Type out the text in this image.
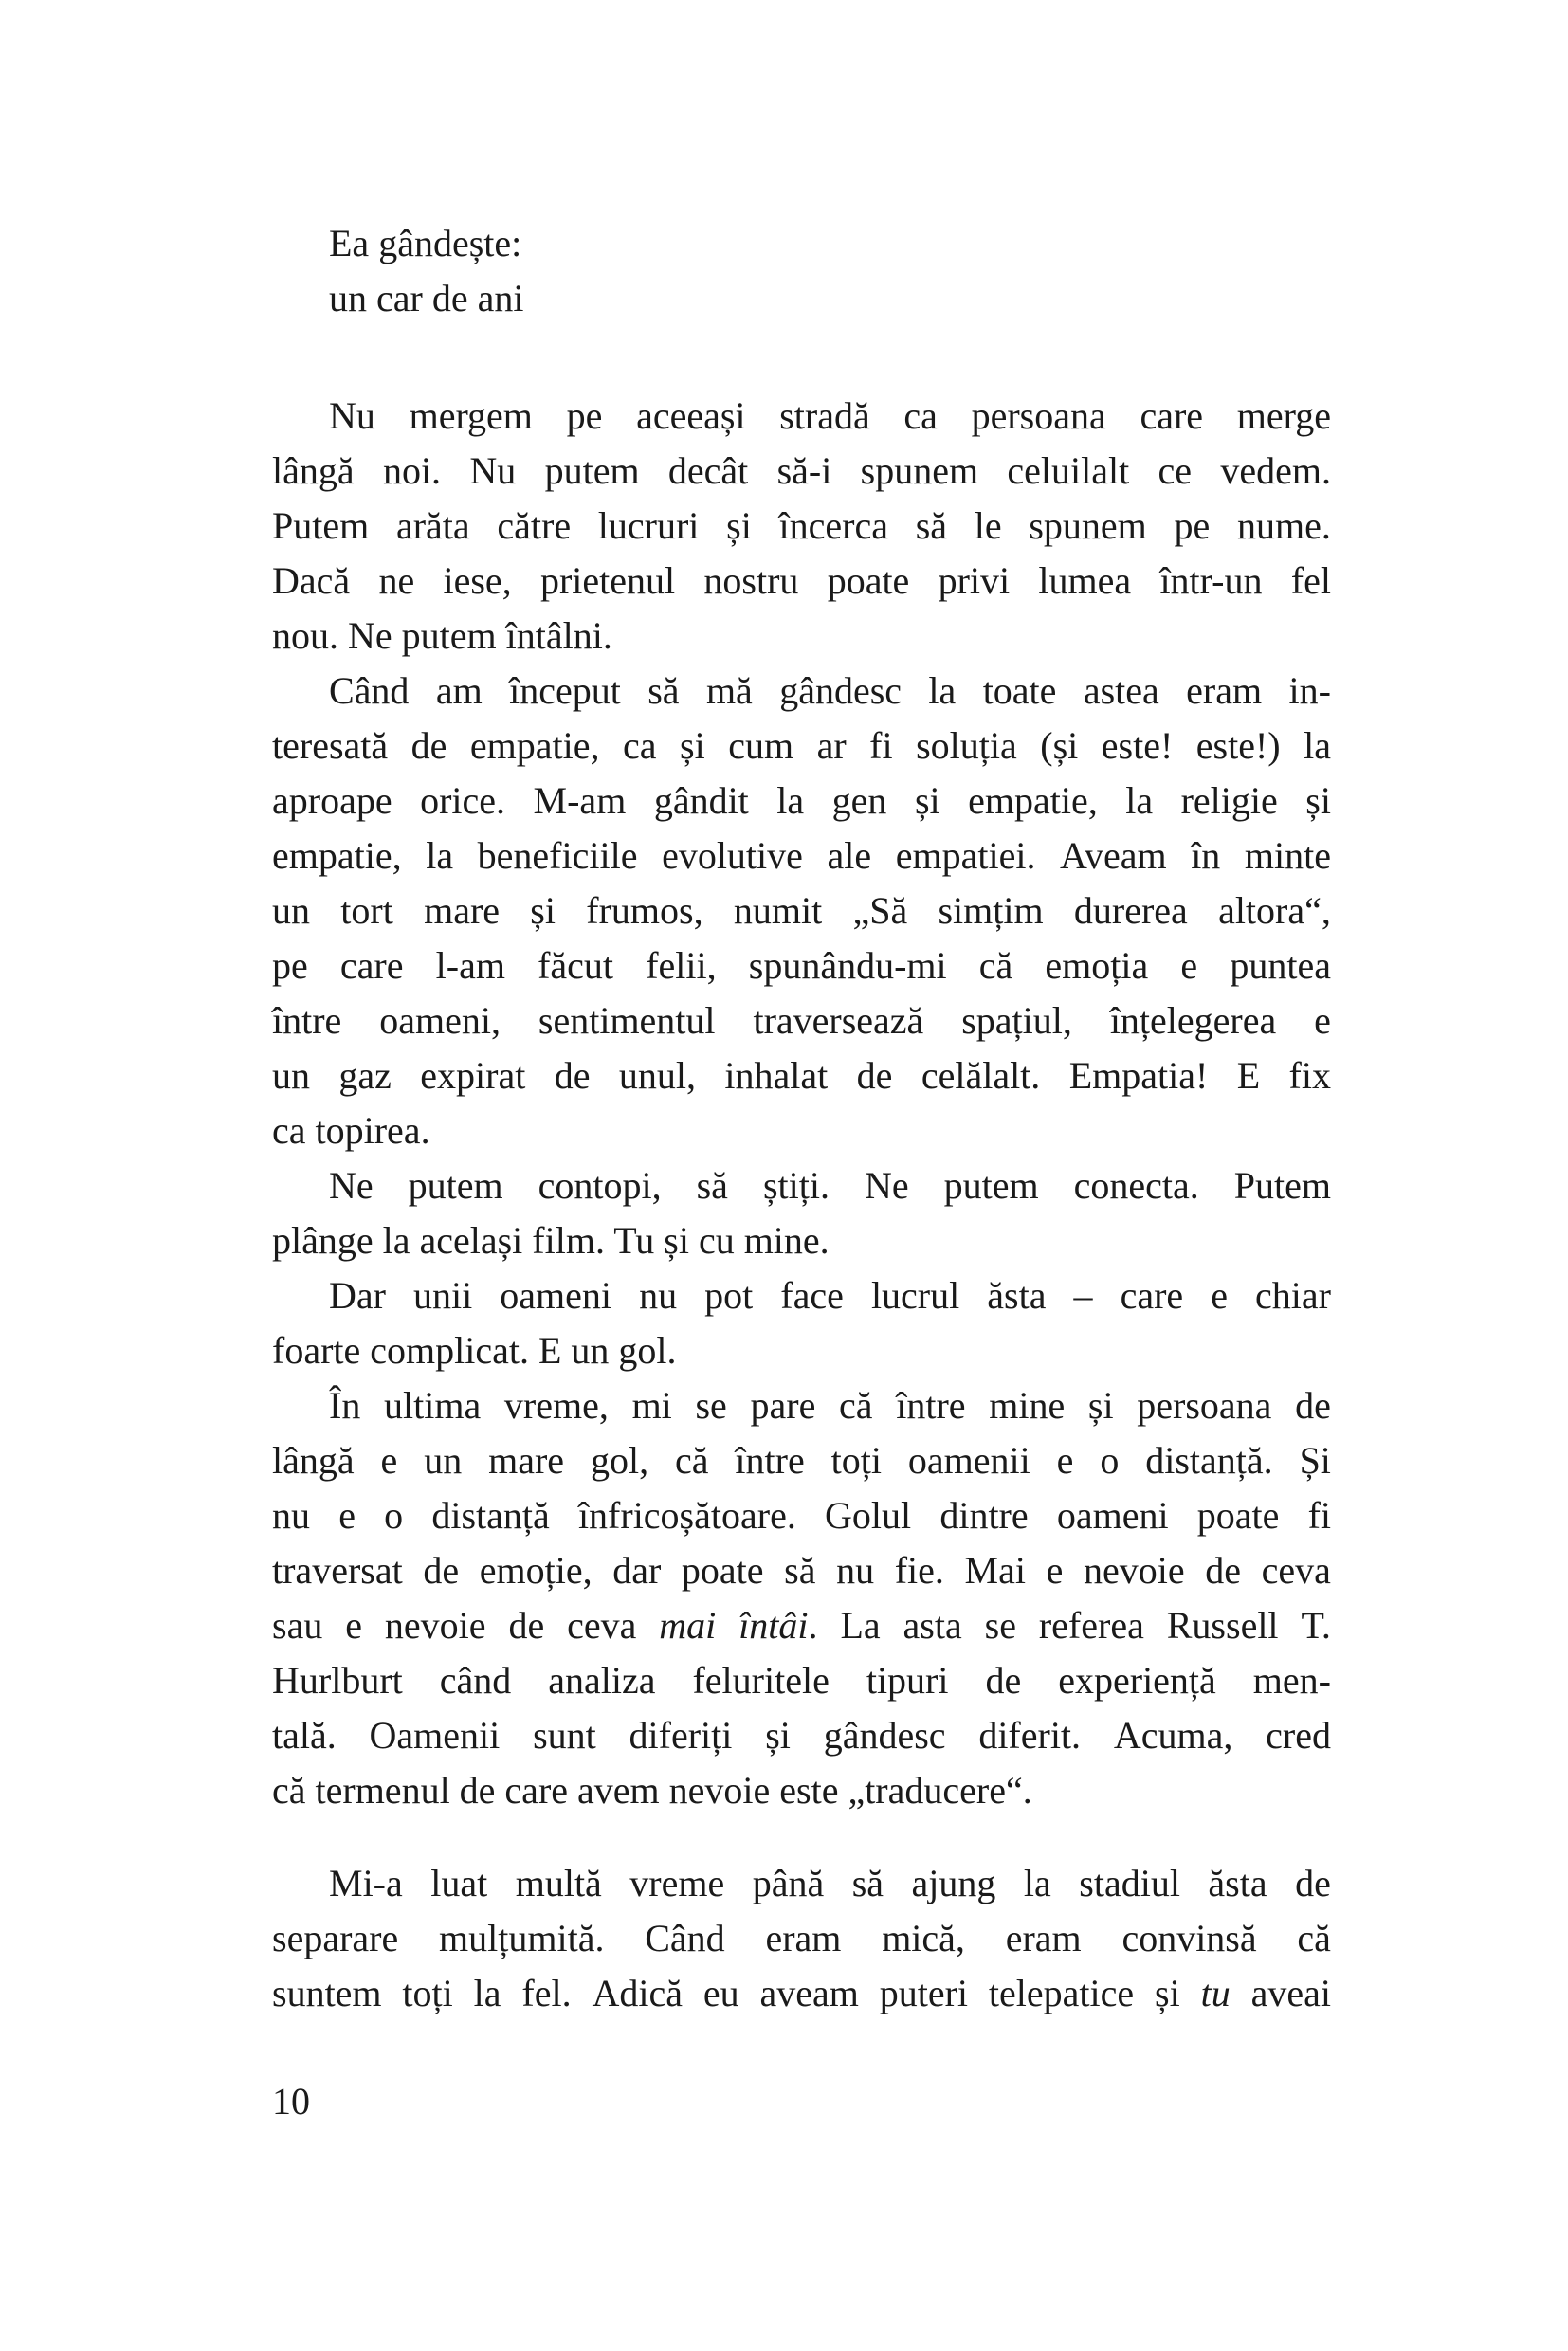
Ea gândește:
un car de ani
Nu mergem pe aceeași stradă ca persoana care merge
lângă noi. Nu putem decât să-i spunem celuilalt ce vedem.
Putem arăta către lucruri și încerca să le spunem pe nume.
Dacă ne iese, prietenul nostru poate privi lumea într-un fel
nou. Ne putem întâlni.
Când am început să mă gândesc la toate astea eram in-
teresată de empatie, ca și cum ar fi soluția (și este! este!) la
aproape orice. M-am gândit la gen și empatie, la religie și
empatie, la beneficiile evolutive ale empatiei. Aveam în minte
un tort mare și frumos, numit „Să simțim durerea altora“,
pe care l-am făcut felii, spunându-mi că emoția e puntea
între oameni, sentimentul traversează spațiul, înțelegerea e
un gaz expirat de unul, inhalat de celălalt. Empatia! E fix
ca topirea.
Ne putem contopi, să știți. Ne putem conecta. Putem
plânge la același film. Tu și cu mine.
Dar unii oameni nu pot face lucrul ăsta – care e chiar
foarte complicat. E un gol.
În ultima vreme, mi se pare că între mine și persoana de
lângă e un mare gol, că între toți oamenii e o distanță. Și
nu e o distanță înfricoșătoare. Golul dintre oameni poate fi
traversat de emoție, dar poate să nu fie. Mai e nevoie de ceva
sau e nevoie de ceva mai întâi. La asta se referea Russell T.
Hurlburt când analiza feluritele tipuri de experiență men-
tală. Oamenii sunt diferiți și gândesc diferit. Acuma, cred
că termenul de care avem nevoie este „traducere“.
Mi-a luat multă vreme până să ajung la stadiul ăsta de
separare mulțumită. Când eram mică, eram convinsă că
suntem toți la fel. Adică eu aveam puteri telepatice și tu aveai
10
